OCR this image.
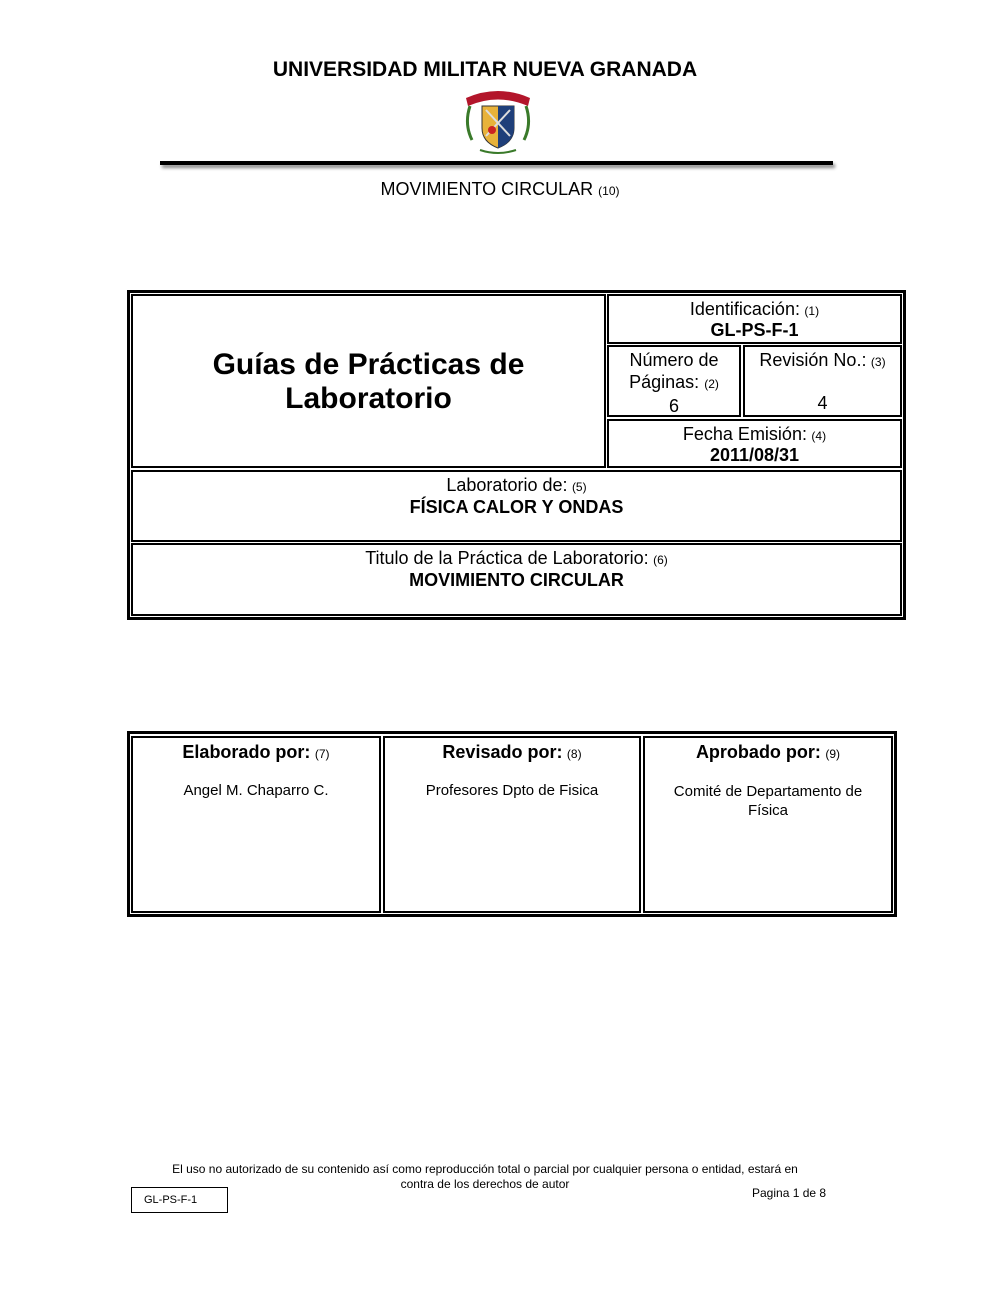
UNIVERSIDAD MILITAR NUEVA GRANADA
MOVIMIENTO CIRCULAR (10)
Guías de Prácticas de
Laboratorio
Identificación: (1)
GL-PS-F-1
Número de
Páginas: (2)
6
Revisión No.: (3)
4
Fecha Emisión: (4)
2011/08/31
Laboratorio de: (5)
FÍSICA CALOR Y ONDAS
Titulo de la Práctica de Laboratorio: (6)
MOVIMIENTO CIRCULAR
Elaborado por: (7)
Angel M. Chaparro C.
Revisado por: (8)
Profesores Dpto de Fisica
Aprobado por: (9)
Comité de Departamento de
Física
El uso no autorizado de su contenido así como reproducción total o parcial por cualquier persona o entidad, estará en
contra de los derechos de autor
GL-PS-F-1	Pagina 1 de 8
